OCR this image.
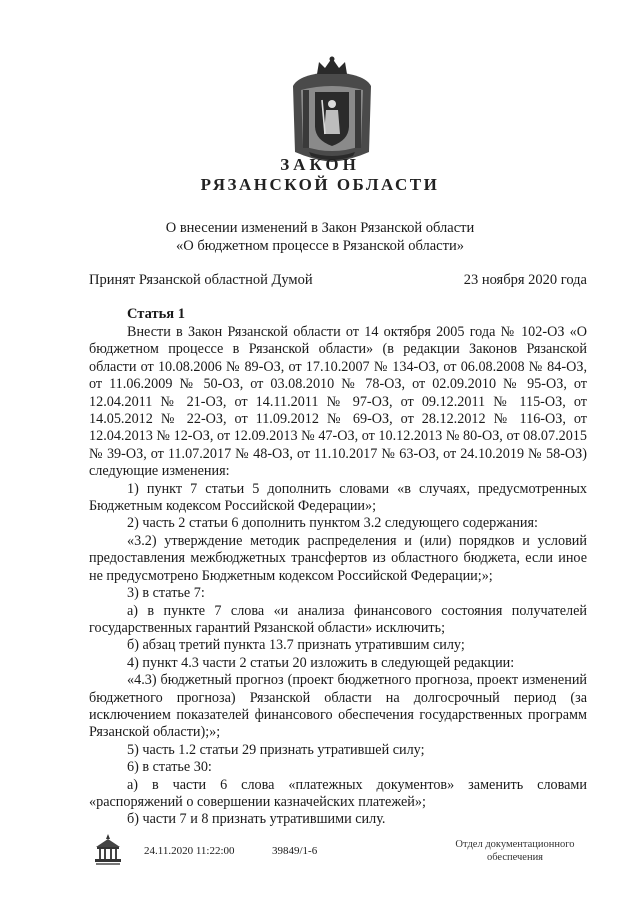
ЗАКОН
РЯЗАНСКОЙ ОБЛАСТИ
О внесении изменений в Закон Рязанской области
«О бюджетном процессе в Рязанской области»
Принят Рязанской областной Думой	23 ноября 2020 года
Статья 1

Внести в Закон Рязанской области от 14 октября 2005 года № 102-ОЗ «О бюджетном процессе в Рязанской области» (в редакции Законов Рязанской области от 10.08.2006 № 89-ОЗ, от 17.10.2007 № 134-ОЗ, от 06.08.2008 № 84-ОЗ, от 11.06.2009 № 50-ОЗ, от 03.08.2010 № 78-ОЗ, от 02.09.2010 № 95-ОЗ, от 12.04.2011 № 21-ОЗ, от 14.11.2011 № 97-ОЗ, от 09.12.2011 № 115-ОЗ, от 14.05.2012 № 22-ОЗ, от 11.09.2012 № 69-ОЗ, от 28.12.2012 № 116-ОЗ, от 12.04.2013 № 12-ОЗ, от 12.09.2013 № 47-ОЗ, от 10.12.2013 № 80-ОЗ, от 08.07.2015 № 39-ОЗ, от 11.07.2017 № 48-ОЗ, от 11.10.2017 № 63-ОЗ, от 24.10.2019 № 58-ОЗ) следующие изменения:

1) пункт 7 статьи 5 дополнить словами «в случаях, предусмотренных Бюджетным кодексом Российской Федерации»;

2) часть 2 статьи 6 дополнить пунктом 3.2 следующего содержания:

«3.2) утверждение методик распределения и (или) порядков и условий предоставления межбюджетных трансфертов из областного бюджета, если иное не предусмотрено Бюджетным кодексом Российской Федерации;»;

3) в статье 7:

а) в пункте 7 слова «и анализа финансового состояния получателей государственных гарантий Рязанской области» исключить;

б) абзац третий пункта 13.7 признать утратившим силу;

4) пункт 4.3 части 2 статьи 20 изложить в следующей редакции:

«4.3) бюджетный прогноз (проект бюджетного прогноза, проект изменений бюджетного прогноза) Рязанской области на долгосрочный период (за исключением показателей финансового обеспечения государственных программ Рязанской области);»;

5) часть 1.2 статьи 29 признать утратившей силу;

6) в статье 30:

а) в части 6 слова «платежных документов» заменить словами «распоряжений о совершении казначейских платежей»;

б) части 7 и 8 признать утратившими силу.

24.11.2020 11:22:00	39849/1-6
Отдел документационного
обеспечения
